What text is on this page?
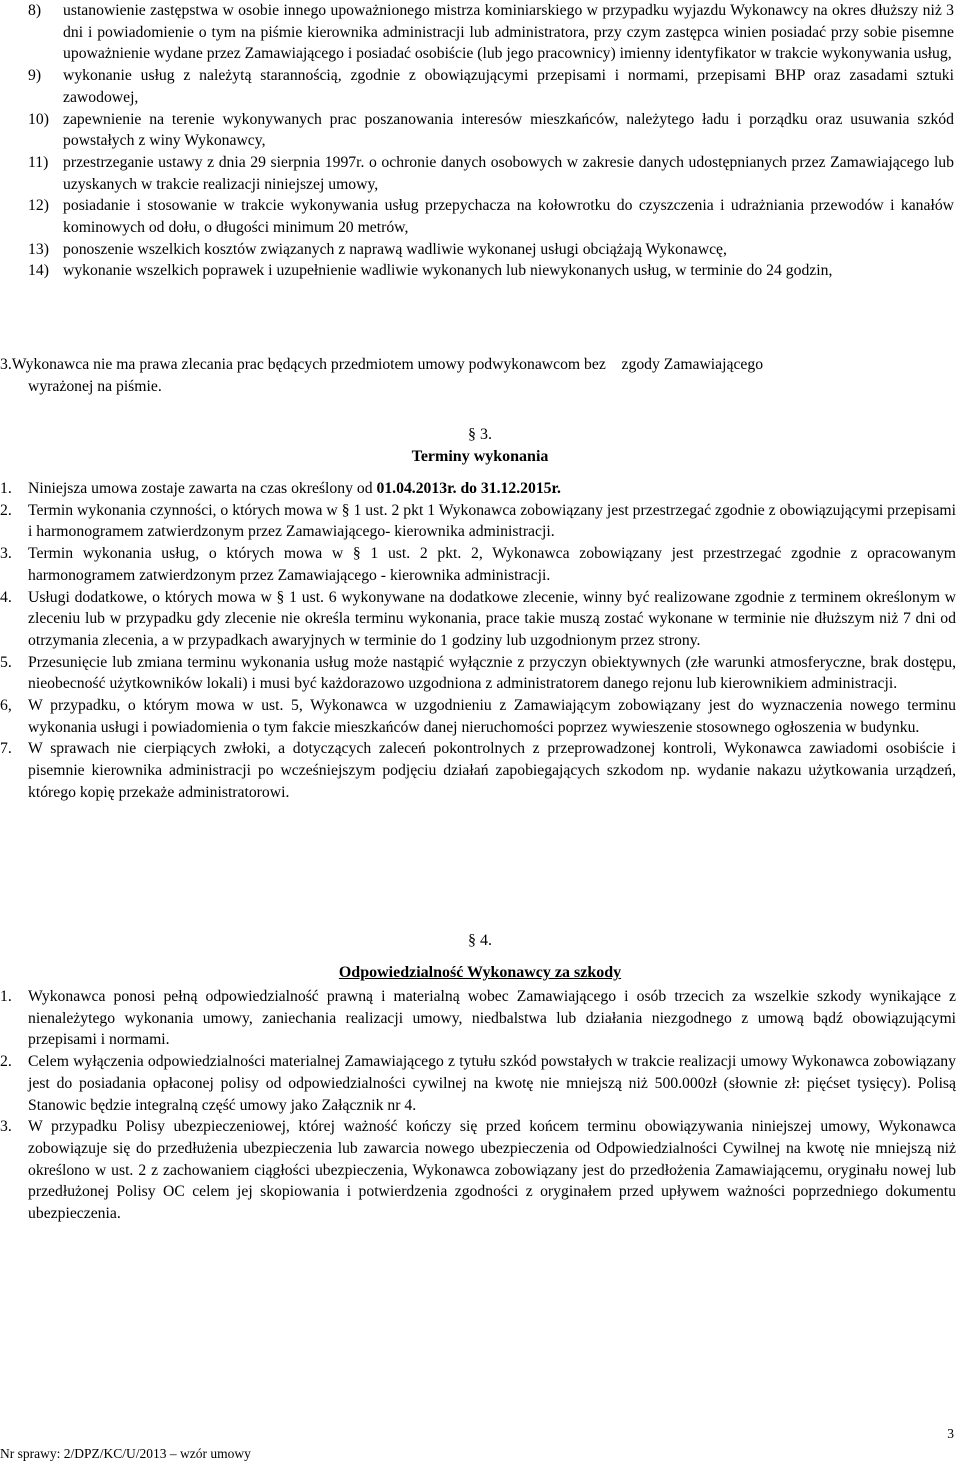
8) ustanowienie zastępstwa w osobie innego upoważnionego mistrza kominiarskiego w przypadku wyjazdu Wykonawcy na okres dłuższy niż 3 dni i powiadomienie o tym na piśmie kierownika administracji lub administratora, przy czym zastępca winien posiadać przy sobie pisemne upoważnienie wydane przez Zamawiającego i posiadać osobiście (lub jego pracownicy) imienny identyfikator w trakcie wykonywania usług,
9) wykonanie usług z należytą starannością, zgodnie z obowiązującymi przepisami i normami, przepisami BHP oraz zasadami sztuki zawodowej,
10) zapewnienie na terenie wykonywanych prac poszanowania interesów mieszkańców, należytego ładu i porządku oraz usuwania szkód powstałych z winy Wykonawcy,
11) przestrzeganie ustawy z dnia 29 sierpnia 1997r. o ochronie danych osobowych w zakresie danych udostępnianych przez Zamawiającego lub uzyskanych w trakcie realizacji niniejszej umowy,
12) posiadanie i stosowanie w trakcie wykonywania usług przepychacza na kołowrotku do czyszczenia i udrażniania przewodów i kanałów kominowych od dołu, o długości minimum 20 metrów,
13) ponoszenie wszelkich kosztów związanych z naprawą wadliwie wykonanej usługi obciążają Wykonawcę,
14) wykonanie wszelkich poprawek i uzupełnienie wadliwie wykonanych lub niewykonanych usług, w terminie do 24 godzin,
3.Wykonawca nie ma prawa zlecania prac będących przedmiotem umowy podwykonawcom bez    zgody Zamawiającego
wyrażonej na piśmie.
§ 3.
Terminy wykonania
1. Niniejsza umowa zostaje zawarta na czas określony od 01.04.2013r. do 31.12.2015r.
2. Termin wykonania czynności, o których mowa w § 1 ust. 2 pkt 1 Wykonawca zobowiązany jest przestrzegać zgodnie z obowiązującymi przepisami i harmonogramem zatwierdzonym przez Zamawiającego- kierownika administracji.
3. Termin wykonania usług, o których mowa w § 1 ust. 2 pkt. 2, Wykonawca zobowiązany jest przestrzegać zgodnie z opracowanym harmonogramem zatwierdzonym przez Zamawiającego - kierownika administracji.
4. Usługi dodatkowe, o których mowa w § 1 ust. 6 wykonywane na dodatkowe zlecenie, winny być realizowane zgodnie z terminem określonym w zleceniu lub w przypadku gdy zlecenie nie określa terminu wykonania, prace takie muszą zostać wykonane w terminie nie dłuższym niż 7 dni od otrzymania zlecenia, a w przypadkach awaryjnych w terminie do 1 godziny lub uzgodnionym przez strony.
5. Przesunięcie lub zmiana terminu wykonania usług może nastąpić wyłącznie z przyczyn obiektywnych (złe warunki atmosferyczne, brak dostępu, nieobecność użytkowników lokali) i musi być każdorazowo uzgodniona z administratorem danego rejonu lub kierownikiem administracji.
6, W przypadku, o którym mowa w ust. 5, Wykonawca w uzgodnieniu z Zamawiającym zobowiązany jest do wyznaczenia nowego terminu wykonania usługi i powiadomienia o tym fakcie mieszkańców danej nieruchomości poprzez wywieszenie stosownego ogłoszenia w budynku.
7. W sprawach nie cierpiących zwłoki, a dotyczących zaleceń pokontrolnych z przeprowadzonej kontroli, Wykonawca zawiadomi osobiście i pisemnie kierownika administracji po wcześniejszym podjęciu działań zapobiegających szkodom np. wydanie nakazu użytkowania urządzeń, którego kopię przekaże administratorowi.
§ 4.
Odpowiedzialność Wykonawcy za szkody
1. Wykonawca ponosi pełną odpowiedzialność prawną i materialną wobec Zamawiającego i osób trzecich za wszelkie szkody wynikające z nienależytego wykonania umowy, zaniechania realizacji umowy, niedbalstwa lub działania niezgodnego z umową bądź obowiązującymi przepisami i normami.
2. Celem wyłączenia odpowiedzialności materialnej Zamawiającego z tytułu szkód powstałych w trakcie realizacji umowy Wykonawca zobowiązany jest do posiadania opłaconej polisy od odpowiedzialności cywilnej na kwotę nie mniejszą niż 500.000zł (słownie zł: pięćset tysięcy). Polisą Stanowic będzie integralną część umowy jako Załącznik nr 4.
3. W przypadku Polisy ubezpieczeniowej, której ważność kończy się przed końcem terminu obowiązywania niniejszej umowy, Wykonawca zobowiązuje się do przedłużenia ubezpieczenia lub zawarcia nowego ubezpieczenia od Odpowiedzialności Cywilnej na kwotę nie mniejszą niż określono w ust. 2 z zachowaniem ciągłości ubezpieczenia, Wykonawca zobowiązany jest do przedłożenia Zamawiającemu, oryginału nowej lub przedłużonej Polisy OC celem jej skopiowania i potwierdzenia zgodności z oryginałem przed upływem ważności poprzedniego dokumentu ubezpieczenia.
Nr sprawy: 2/DPZ/KC/U/2013 – wzór umowy
3
